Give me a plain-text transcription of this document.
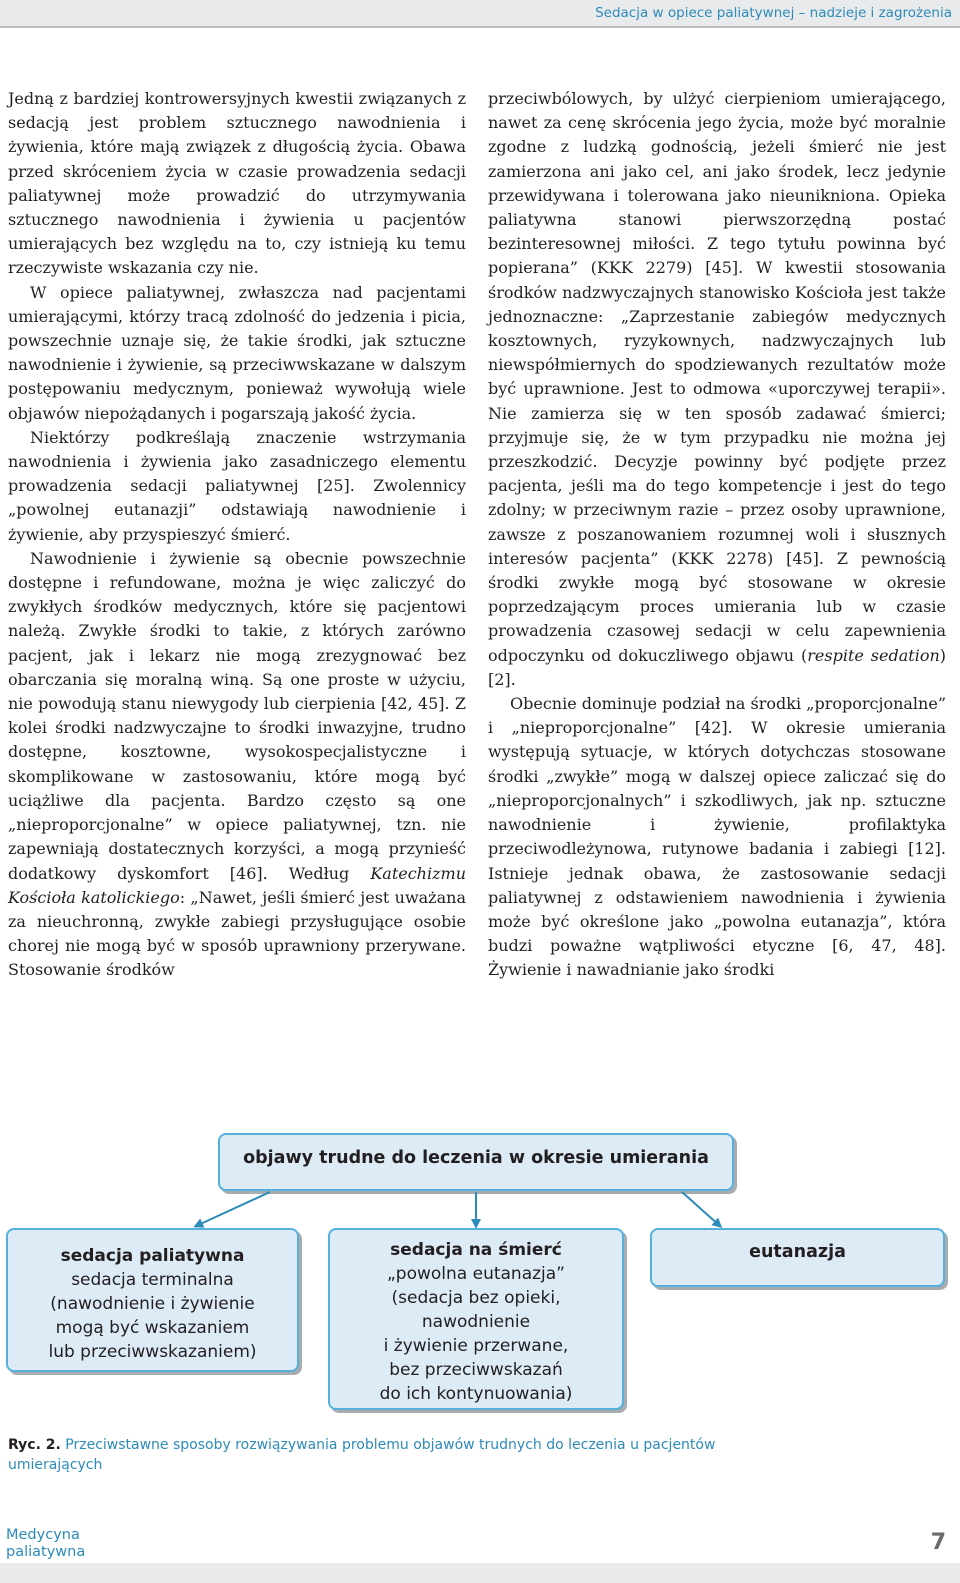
Sedacja w opiece paliatywnej – nadzieje i zagrożenia

Jedną z bardziej kontrowersyjnych kwestii związanych z sedacją jest problem sztucznego nawodnienia i żywienia, które mają związek z długością życia. Obawa przed skróceniem życia w czasie prowadzenia sedacji paliatywnej może prowadzić do utrzymywania sztucznego nawodnienia i żywienia u pacjentów umierających bez względu na to, czy istnieją ku temu rzeczywiste wskazania czy nie.

W opiece paliatywnej, zwłaszcza nad pacjentami umierającymi, którzy tracą zdolność do jedzenia i picia, powszechnie uznaje się, że takie środki, jak sztuczne nawodnienie i żywienie, są przeciwwskazane w dalszym postępowaniu medycznym, ponieważ wywołują wiele objawów niepożądanych i pogarszają jakość życia.

Niektórzy podkreślają znaczenie wstrzymania nawodnienia i żywienia jako zasadniczego elementu prowadzenia sedacji paliatywnej [25]. Zwolennicy „powolnej eutanazji” odstawiają nawodnienie i żywienie, aby przyspieszyć śmierć.

Nawodnienie i żywienie są obecnie powszechnie dostępne i refundowane, można je więc zaliczyć do zwykłych środków medycznych, które się pacjentowi należą. Zwykłe środki to takie, z których zarówno pacjent, jak i lekarz nie mogą zrezygnować bez obarczania się moralną winą. Są one proste w użyciu, nie powodują stanu niewygody lub cierpienia [42, 45]. Z kolei środki nadzwyczajne to środki inwazyjne, trudno dostępne, kosztowne, wysokospecjalistyczne i skomplikowane w zastosowaniu, które mogą być uciążliwe dla pacjenta. Bardzo często są one „nieproporcjonalne” w opiece paliatywnej, tzn. nie zapewniają dostatecznych korzyści, a mogą przynieść dodatkowy dyskomfort [46]. Według Katechizmu Kościoła katolickiego: „Nawet, jeśli śmierć jest uważana za nieuchronną, zwykłe zabiegi przysługujące osobie chorej nie mogą być w sposób uprawniony przerywane. Stosowanie środków

przeciwbólowych, by ulżyć cierpieniom umierającego, nawet za cenę skrócenia jego życia, może być moralnie zgodne z ludzką godnością, jeżeli śmierć nie jest zamierzona ani jako cel, ani jako środek, lecz jedynie przewidywana i tolerowana jako nieunikniona. Opieka paliatywna stanowi pierwszorzędną postać bezinteresownej miłości. Z tego tytułu powinna być popierana” (KKK 2279) [45]. W kwestii stosowania środków nadzwyczajnych stanowisko Kościoła jest także jednoznaczne: „Zaprzestanie zabiegów medycznych kosztownych, ryzykownych, nadzwyczajnych lub niewspółmiernych do spodziewanych rezultatów może być uprawnione. Jest to odmowa «uporczywej terapii». Nie zamierza się w ten sposób zadawać śmierci; przyjmuje się, że w tym przypadku nie można jej przeszkodzić. Decyzje powinny być podjęte przez pacjenta, jeśli ma do tego kompetencje i jest do tego zdolny; w przeciwnym razie – przez osoby uprawnione, zawsze z poszanowaniem rozumnej woli i słusznych interesów pacjenta” (KKK 2278) [45]. Z pewnością środki zwykłe mogą być stosowane w okresie poprzedzającym proces umierania lub w czasie prowadzenia czasowej sedacji w celu zapewnienia odpoczynku od dokuczliwego objawu (respite sedation) [2].

Obecnie dominuje podział na środki „proporcjonalne” i „nieproporcjonalne” [42]. W okresie umierania występują sytuacje, w których dotychczas stosowane środki „zwykłe” mogą w dalszej opiece zaliczać się do „nieproporcjonalnych” i szkodliwych, jak np. sztuczne nawodnienie i żywienie, profilaktyka przeciwodleżynowa, rutynowe badania i zabiegi [12]. Istnieje jednak obawa, że zastosowanie sedacji paliatywnej z odstawieniem nawodnienia i żywienia może być określone jako „powolna eutanazja”, która budzi poważne wątpliwości etyczne [6, 47, 48]. Żywienie i nawadnianie jako środki

objawy trudne do leczenia w okresie umierania
sedacja paliatywna
sedacja terminalna
(nawodnienie i żywienie
mogą być wskazaniem
lub przeciwwskazaniem)
sedacja na śmierć
„powolna eutanazja”
(sedacja bez opieki,
nawodnienie
i żywienie przerwane,
bez przeciwwskazań
do ich kontynuowania)
eutanazja
Ryc. 2. Przeciwstawne sposoby rozwiązywania problemu objawów trudnych do leczenia u pacjentów umierających
Medycyna
paliatywna	7
